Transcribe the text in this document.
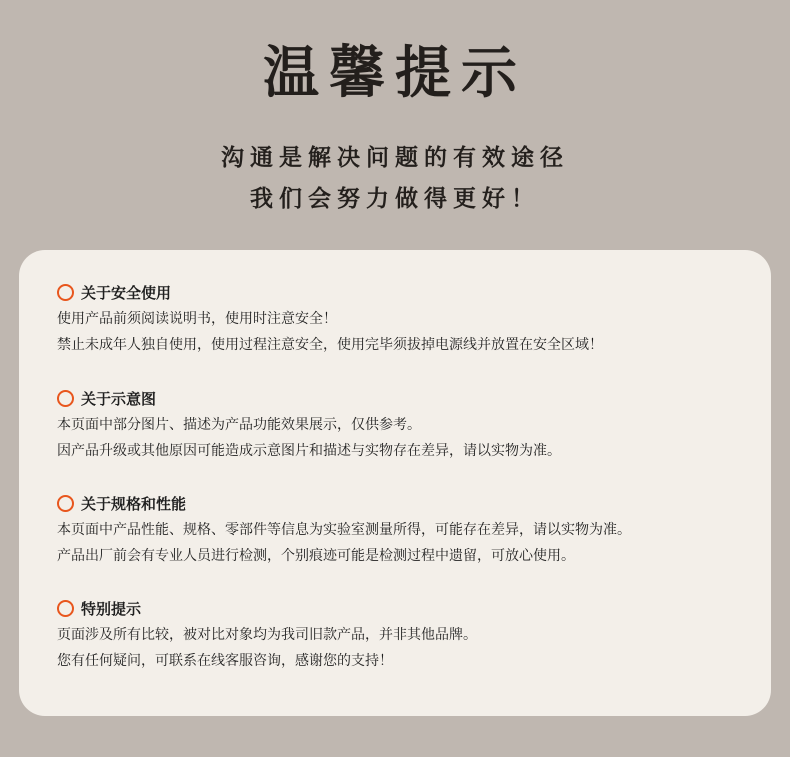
温馨提示
沟通是解决问题的有效途径
我们会努力做得更好！
关于安全使用
使用产品前须阅读说明书，使用时注意安全！
禁止未成年人独自使用，使用过程注意安全，使用完毕须拔掉电源线并放置在安全区域！
关于示意图
本页面中部分图片、描述为产品功能效果展示，仅供参考。
因产品升级或其他原因可能造成示意图片和描述与实物存在差异，请以实物为准。
关于规格和性能
本页面中产品性能、规格、零部件等信息为实验室测量所得，可能存在差异，请以实物为准。
产品出厂前会有专业人员进行检测，个别痕迹可能是检测过程中遗留，可放心使用。
特别提示
页面涉及所有比较，被对比对象均为我司旧款产品，并非其他品牌。
您有任何疑问，可联系在线客服咨询，感谢您的支持！
